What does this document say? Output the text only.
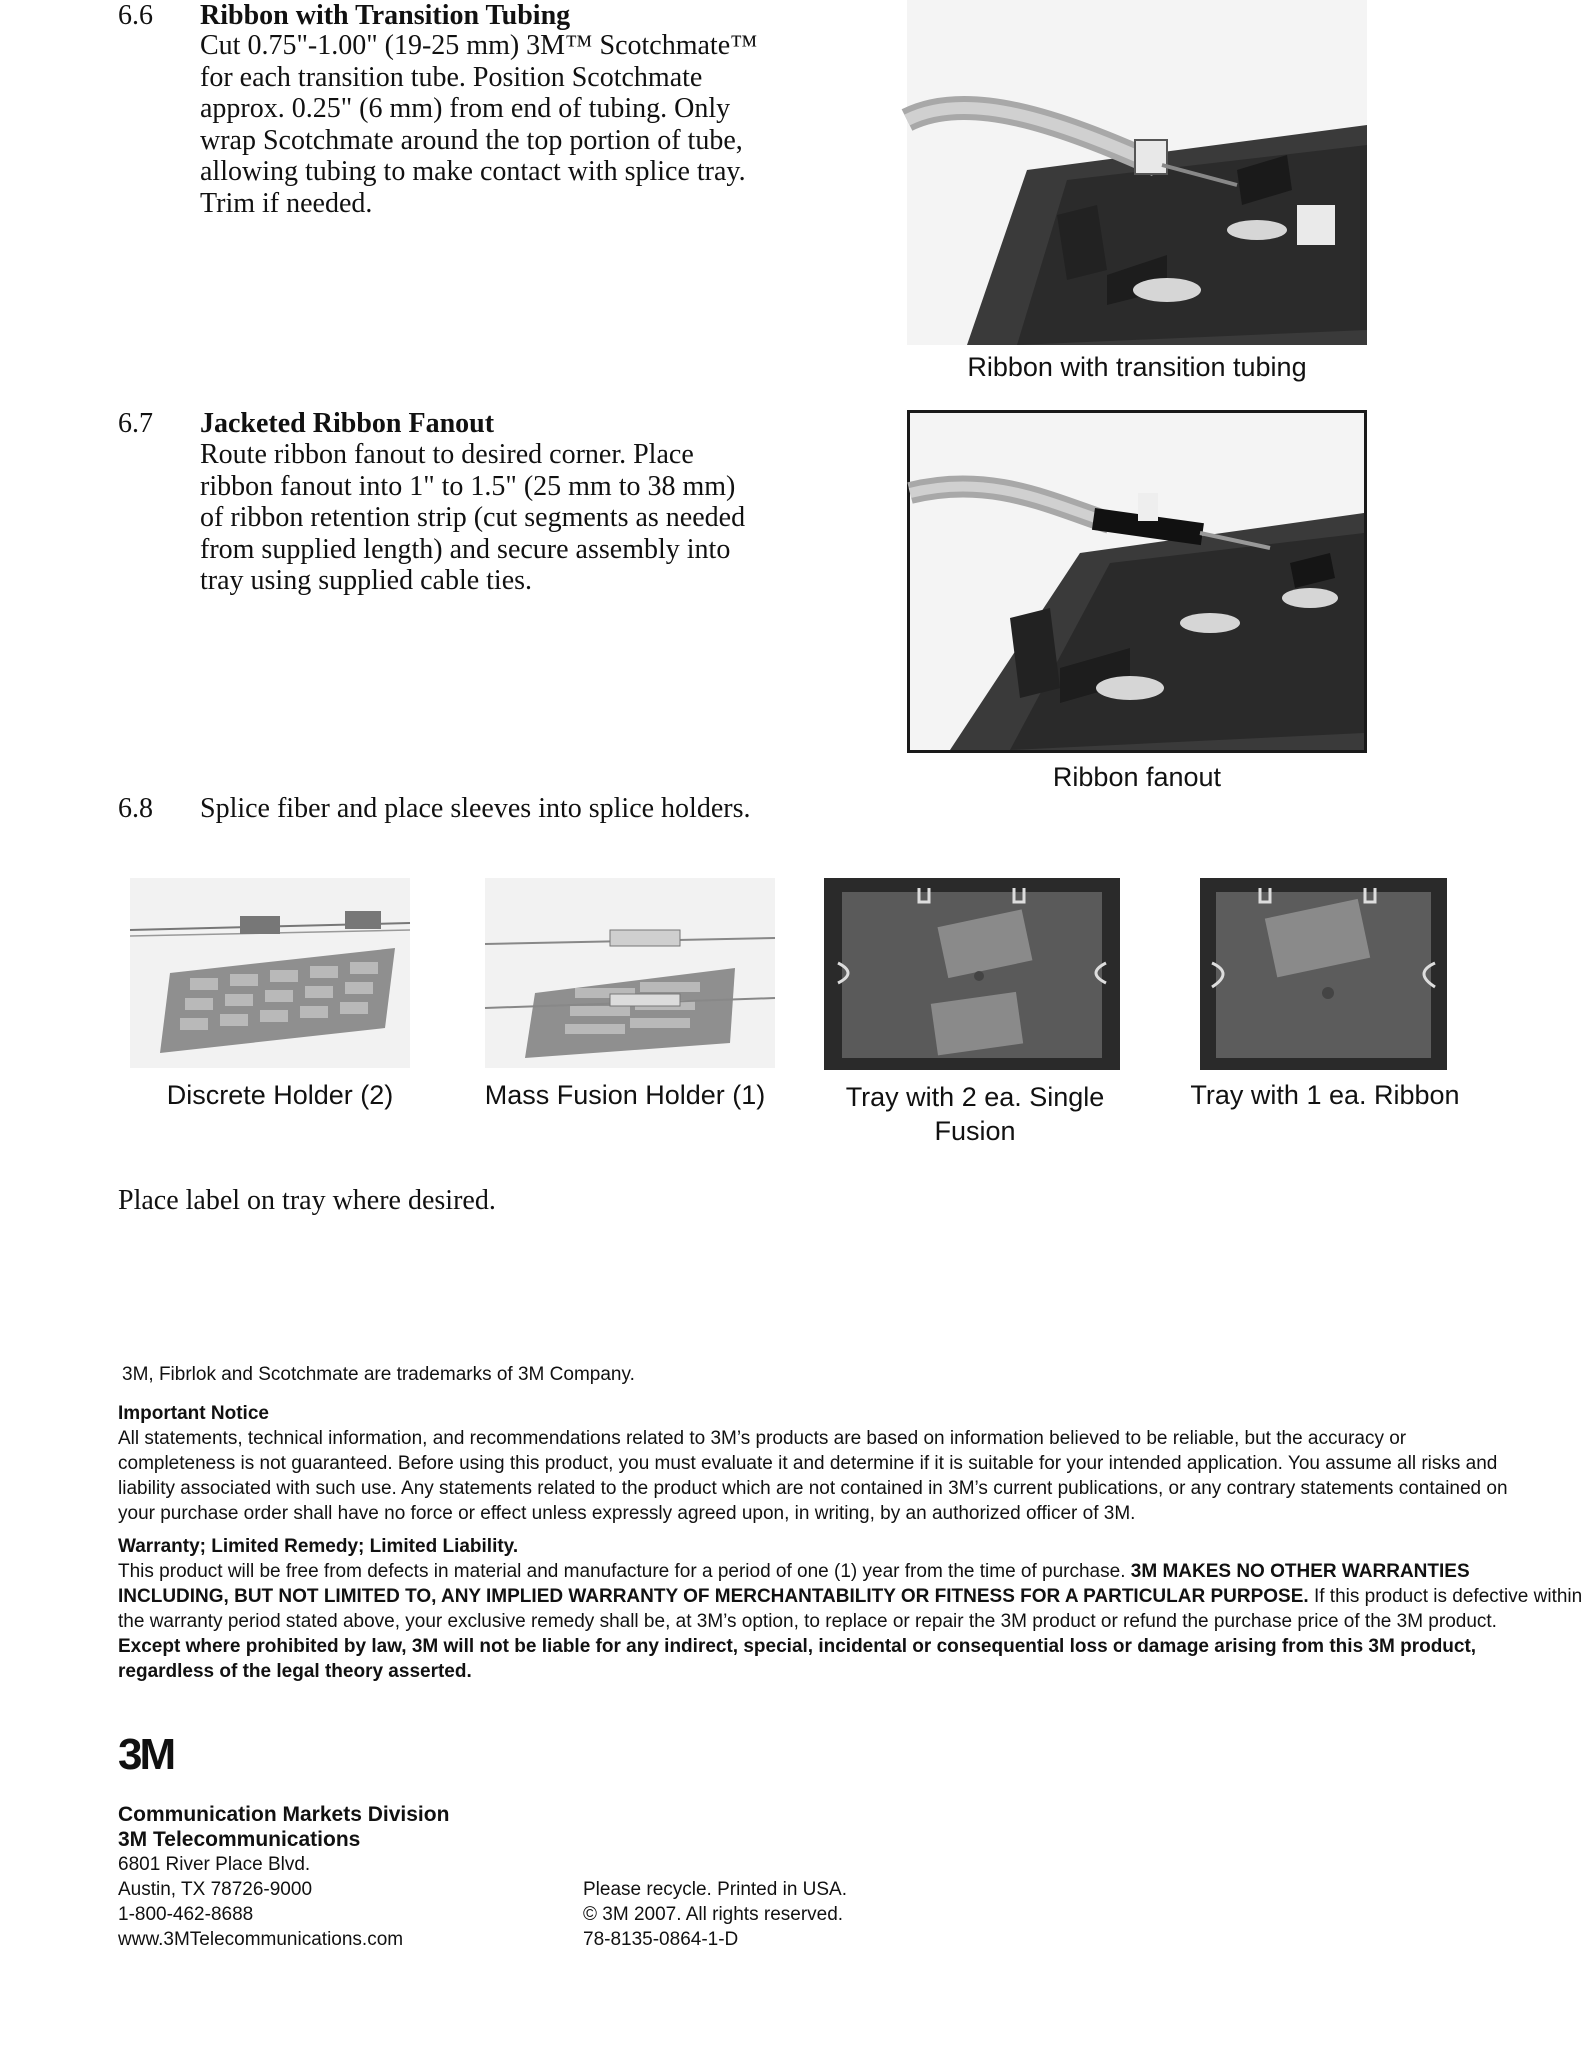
6.6 Ribbon with Transition Tubing
Cut 0.75"-1.00" (19-25 mm) 3M™ Scotchmate™
for each transition tube. Position Scotchmate
approx. 0.25" (6 mm) from end of tubing. Only
wrap Scotchmate around the top portion of tube,
allowing tubing to make contact with splice tray.
Trim if needed.
Ribbon with transition tubing
6.7 Jacketed Ribbon Fanout
Route ribbon fanout to desired corner. Place
ribbon fanout into 1" to 1.5" (25 mm to 38 mm)
of ribbon retention strip (cut segments as needed
from supplied length) and secure assembly into
tray using supplied cable ties.
Ribbon fanout
6.8 Splice fiber and place sleeves into splice holders.
Discrete Holder (2)	Mass Fusion Holder (1)	Tray with 2 ea. Single
Fusion
Tray with 1 ea. Ribbon
Place label on tray where desired.
3M, Fibrlok and Scotchmate are trademarks of 3M Company.
Important Notice
All statements, technical information, and recommendations related to 3M’s products are based on information believed to be reliable, but the accuracy or
completeness is not guaranteed. Before using this product, you must evaluate it and determine if it is suitable for your intended application. You assume all risks and
liability associated with such use. Any statements related to the product which are not contained in 3M’s current publications, or any contrary statements contained on
your purchase order shall have no force or effect unless expressly agreed upon, in writing, by an authorized officer of 3M.
Warranty; Limited Remedy; Limited Liability.
This product will be free from defects in material and manufacture for a period of one (1) year from the time of purchase. 3M MAKES NO OTHER WARRANTIES
INCLUDING, BUT NOT LIMITED TO, ANY IMPLIED WARRANTY OF MERCHANTABILITY OR FITNESS FOR A PARTICULAR PURPOSE. If this product is defective within
the warranty period stated above, your exclusive remedy shall be, at 3M’s option, to replace or repair the 3M product or refund the purchase price of the 3M product.
Except where prohibited by law, 3M will not be liable for any indirect, special, incidental or consequential loss or damage arising from this 3M product,
regardless of the legal theory asserted.
3M
Communication Markets Division
3M Telecommunications
6801 River Place Blvd.
Austin, TX 78726-9000
1-800-462-8688
www.3MTelecommunications.com
Please recycle. Printed in USA.
© 3M 2007. All rights reserved.
78-8135-0864-1-D
